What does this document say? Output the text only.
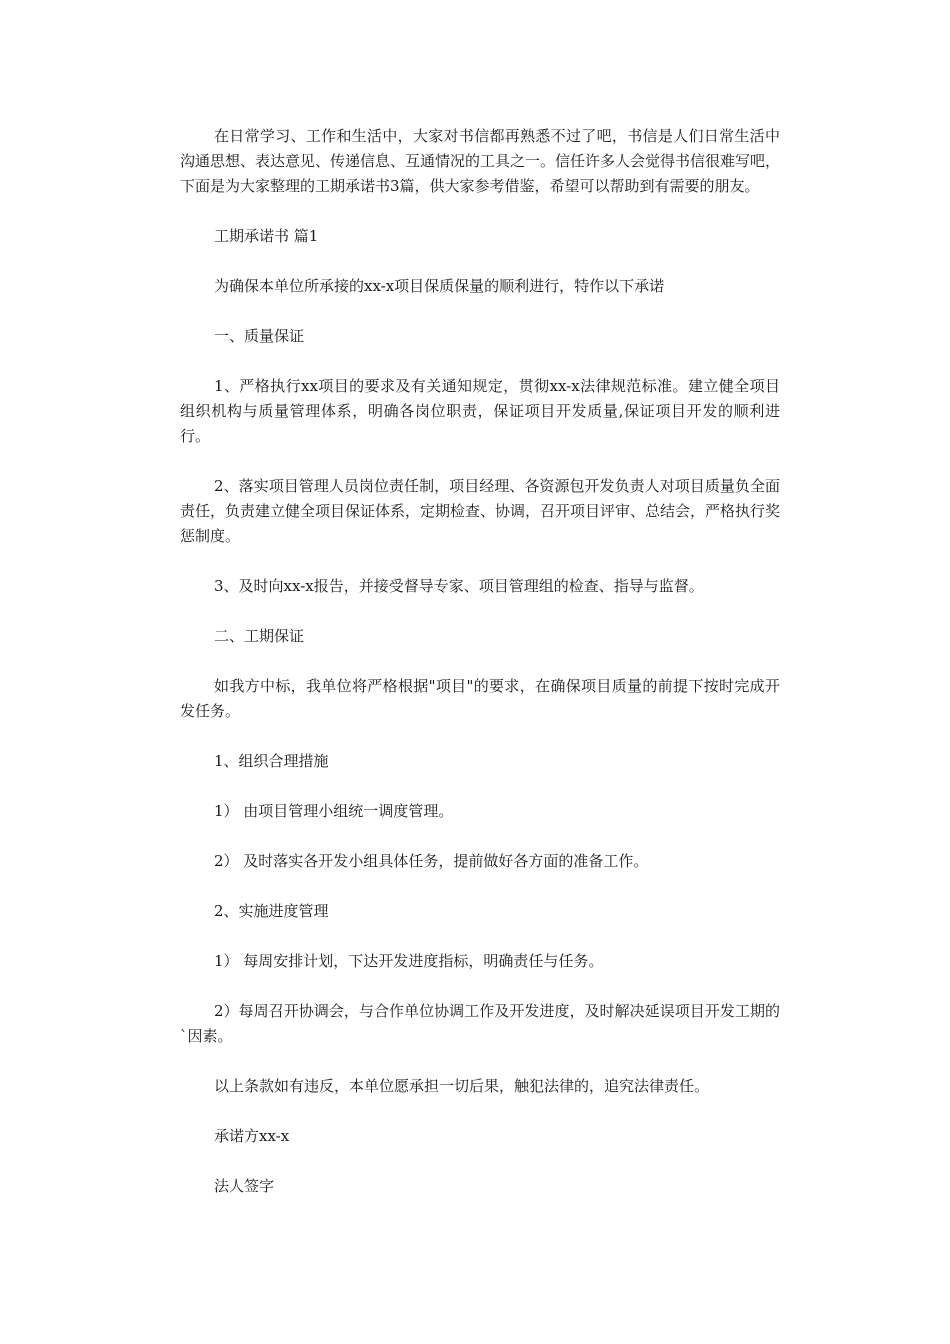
在日常学习、工作和生活中，大家对书信都再熟悉不过了吧，书信是人们日常生活中沟通思想、表达意见、传递信息、互通情况的工具之一。信任许多人会觉得书信很难写吧，下面是为大家整理的工期承诺书3篇，供大家参考借鉴，希望可以帮助到有需要的朋友。

工期承诺书 篇1

为确保本单位所承接的xx-x项目保质保量的顺利进行，特作以下承诺

一、质量保证

1、严格执行xx项目的要求及有关通知规定，贯彻xx-x法律规范标准。建立健全项目组织机构与质量管理体系，明确各岗位职责，保证项目开发质量,保证项目开发的顺利进行。

2、落实项目管理人员岗位责任制，项目经理、各资源包开发负责人对项目质量负全面责任，负责建立健全项目保证体系，定期检查、协调，召开项目评审、总结会，严格执行奖惩制度。

3、及时向xx-x报告，并接受督导专家、项目管理组的检查、指导与监督。

二、工期保证

如我方中标，我单位将严格根据"项目"的要求，在确保项目质量的前提下按时完成开发任务。

1、组织合理措施

1） 由项目管理小组统一调度管理。

2） 及时落实各开发小组具体任务，提前做好各方面的准备工作。

2、实施进度管理

1） 每周安排计划，下达开发进度指标，明确责任与任务。

2）每周召开协调会，与合作单位协调工作及开发进度，及时解决延误项目开发工期的`因素。

以上条款如有违反，本单位愿承担一切后果，触犯法律的，追究法律责任。

承诺方xx-x

法人签字
